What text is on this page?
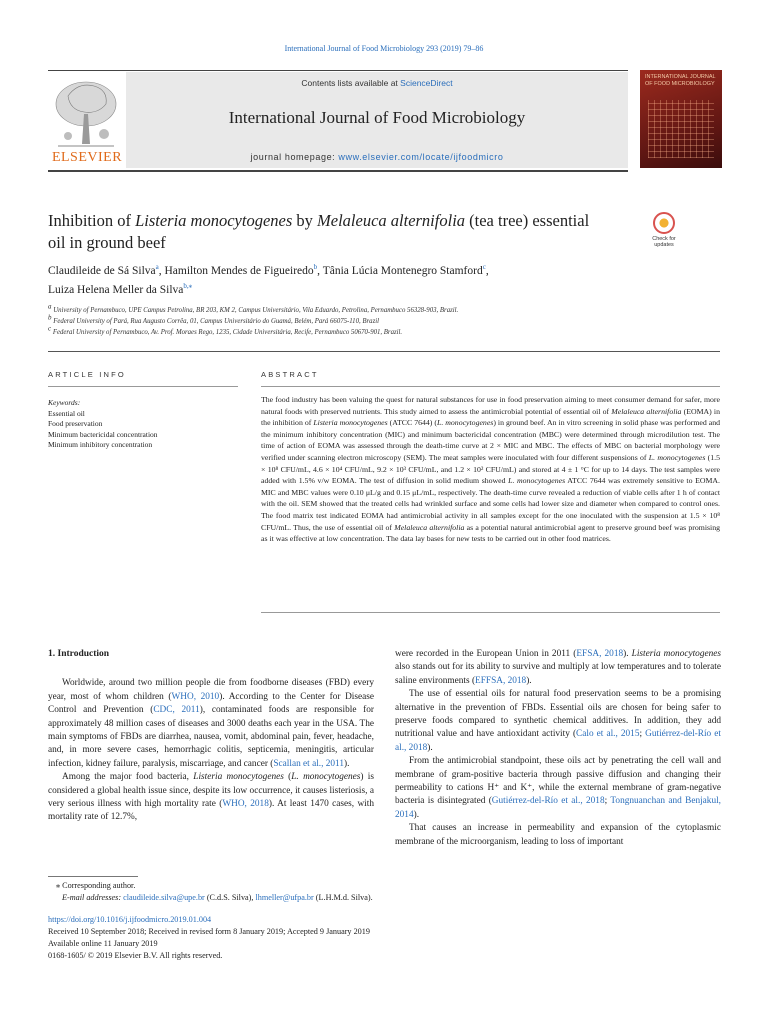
International Journal of Food Microbiology 293 (2019) 79–86
Contents lists available at ScienceDirect
International Journal of Food Microbiology
journal homepage: www.elsevier.com/locate/ijfoodmicro
ELSEVIER
INTERNATIONAL JOURNAL OF FOOD MICROBIOLOGY
Inhibition of Listeria monocytogenes by Melaleuca alternifolia (tea tree) essential oil in ground beef	Check for updates
Claudileide de Sá Silva$^a$, Hamilton Mendes de Figueiredo$^b$, Tânia Lúcia Montenegro Stamford$^c$,
Luiza Helena Meller da Silva$^{b,⁎}$
$^a$ University of Pernambuco, UPE Campus Petrolina, BR 203, KM 2, Campus Universitário, Vila Eduardo, Petrolina, Pernambuco 56328-903, Brazil.
$^b$ Federal University of Pará, Rua Augusto Corrêa, 01, Campus Universitário do Guamá, Belém, Pará 66075-110, Brazil
$^c$ Federal University of Pernambuco, Av. Prof. Moraes Rego, 1235, Cidade Universitária, Recife, Pernambuco 50670-901, Brazil.
ARTICLE INFO
Keywords:
Essential oil
Food preservation
Minimum bactericidal concentration
Minimum inhibitory concentration
ABSTRACT
The food industry has been valuing the quest for natural substances for use in food preservation aiming to meet consumer demand for safer, more natural foods with preserved nutrients. This study aimed to assess the antimicrobial potential of essential oil of Melaleuca alternifolia (EOMA) in the inhibition of Listeria monocytogenes (ATCC 7644) (L. monocytogenes) in ground beef. An in vitro screening in solid phase was performed and the minimum inhibitory concentration (MIC) and minimum bactericidal concentration (MBC) were determined through microdilution test. The time of action of EOMA was assessed through the death-time curve at 2 × MIC and MBC. The effects of MBC on bacterial morphology were verified under scanning electron microscopy (SEM). The meat samples were inoculated with four different suspensions of L. monocytogenes (1.5 × 10⁸ CFU/mL, 4.6 × 10⁴ CFU/mL, 9.2 × 10³ CFU/mL, and 1.2 × 10² CFU/mL) and stored at 4 ± 1 °C for up to 14 days. The test samples were added with 1.5% v/w EOMA. The test of diffusion in solid medium showed L. monocytogenes ATCC 7644 was extremely sensitive to EOMA. MIC and MBC values were 0.10 μL/g and 0.15 μL/mL, respectively. The death-time curve revealed a reduction of viable cells after 1 h of contact with the oil. SEM showed that the treated cells had wrinkled surface and some cells had lower size and diameter when compared to control ones. The food matrix test indicated EOMA had antimicrobial activity in all samples except for the one inoculated with the suspension at 1.5 × 10⁸ CFU/mL. Thus, the use of essential oil of Melaleuca alternifolia as a potential natural antimicrobial agent to preserve ground beef was promising as it was effective at low concentration. The data lay bases for new tests to be carried out in other food matrices.
1. Introduction

Worldwide, around two million people die from foodborne diseases (FBD) every year, most of whom children (WHO, 2010). According to the Center for Disease Control and Prevention (CDC, 2011), contaminated foods are responsible for approximately 48 million cases of diseases and 3000 deaths each year in the USA. The main symptoms of FBDs are diarrhea, nausea, vomit, abdominal pain, fever, headache, and, in more severe cases, hemorrhagic colitis, septicemia, meningitis, articular infection, kidney failure, paralysis, miscarriage, and cancer (Scallan et al., 2011).

Among the major food bacteria, Listeria monocytogenes (L. monocytogenes) is considered a global health issue since, despite its low occurrence, it causes listeriosis, a very serious illness with high mortality rate (WHO, 2018). At least 1470 cases, with mortality rate of 12.7%,

were recorded in the European Union in 2011 (EFSA, 2018). Listeria monocytogenes also stands out for its ability to survive and multiply at low temperatures and to tolerate saline environments (EFFSA, 2018).

The use of essential oils for natural food preservation seems to be a promising alternative in the prevention of FBDs. Essential oils are chosen for being safer to preserve foods compared to synthetic chemical additives. In addition, they add nutritional value and have antioxidant activity (Calo et al., 2015; Gutiérrez-del-Río et al., 2018).

From the antimicrobial standpoint, these oils act by penetrating the cell wall and membrane of gram-positive bacteria through passive diffusion and changing their permeability to cations H⁺ and K⁺, while the external membrane of gram-negative bacteria is disintegrated (Gutiérrez-del-Río et al., 2018; Tongnuanchan and Benjakul, 2014).

That causes an increase in permeability and expansion of the cytoplasmic membrane of the microorganism, leading to loss of important

⁎ Corresponding author.
E-mail addresses: claudileide.silva@upe.br (C.d.S. Silva), lhmeller@ufpa.br (L.H.M.d. Silva).
https://doi.org/10.1016/j.ijfoodmicro.2019.01.004
Received 10 September 2018; Received in revised form 8 January 2019; Accepted 9 January 2019
Available online 11 January 2019
0168-1605/ © 2019 Elsevier B.V. All rights reserved.
